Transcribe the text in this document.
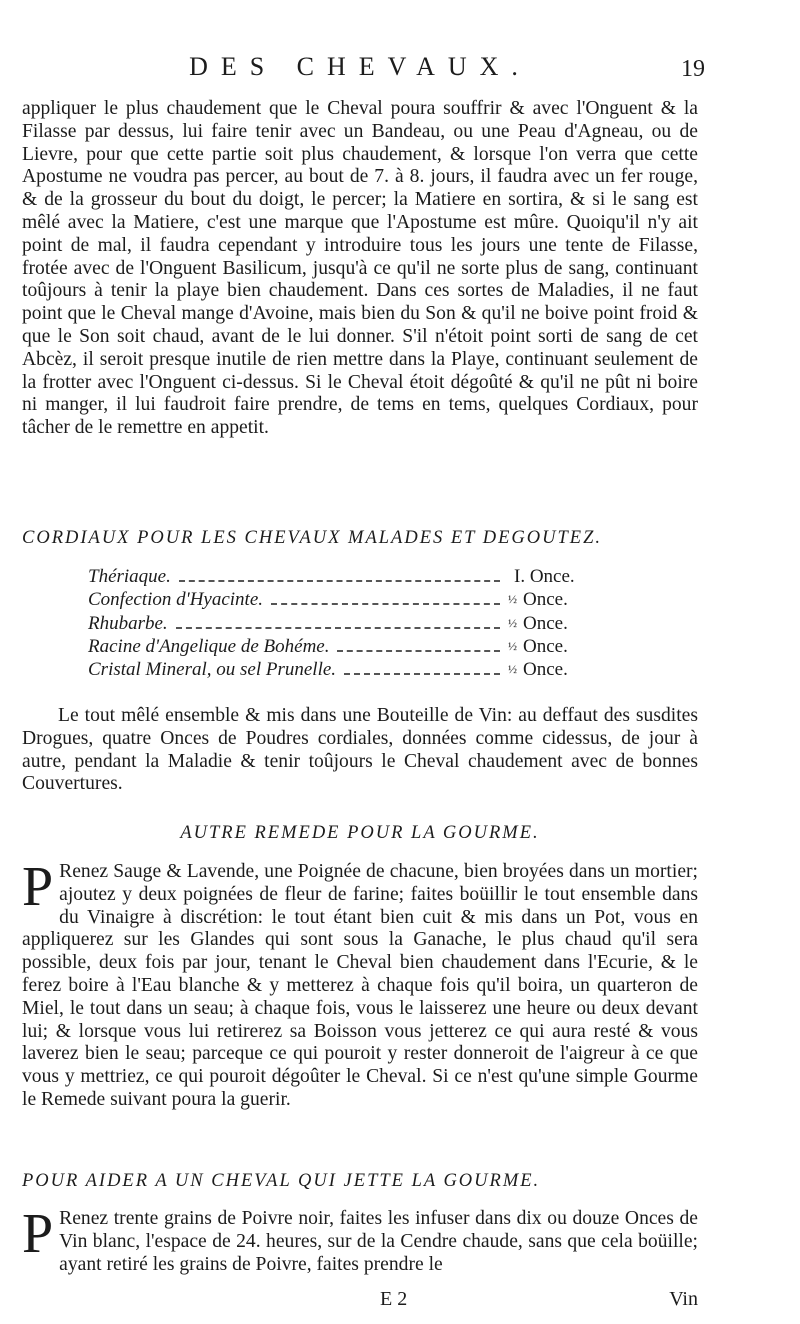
DES CHEVAUX.	19

appliquer le plus chaudement que le Cheval poura souffrir & avec l'Onguent & la Filasse par dessus, lui faire tenir avec un Bandeau, ou une Peau d'Agneau, ou de Lievre, pour que cette partie soit plus chaudement, & lorsque l'on verra que cette Apostume ne voudra pas percer, au bout de 7. à 8. jours, il faudra avec un fer rouge, & de la grosseur du bout du doigt, le percer; la Matiere en sortira, & si le sang est mêlé avec la Matiere, c'est une marque que l'Apostume est mûre. Quoiqu'il n'y ait point de mal, il faudra cependant y introduire tous les jours une tente de Filasse, frotée avec de l'Onguent Basilicum, jusqu'à ce qu'il ne sorte plus de sang, continuant toûjours à tenir la playe bien chaudement. Dans ces sortes de Maladies, il ne faut point que le Cheval mange d'Avoine, mais bien du Son & qu'il ne boive point froid & que le Son soit chaud, avant de le lui donner. S'il n'étoit point sorti de sang de cet Abcèz, il seroit presque inutile de rien mettre dans la Playe, continuant seulement de la frotter avec l'Onguent ci-dessus. Si le Cheval étoit dégoûté & qu'il ne pût ni boire ni manger, il lui faudroit faire prendre, de tems en tems, quelques Cordiaux, pour tâcher de le remettre en appetit.

CORDIAUX POUR LES CHEVAUX MALADES ET DEGOUTEZ.
Thériaque.	I. Once.
Confection d'Hyacinte.	½ Once.
Rhubarbe.	½ Once.
Racine d'Angelique de Bohéme.	½ Once.
Cristal Mineral, ou sel Prunelle.	½ Once.

Le tout mêlé ensemble & mis dans une Bouteille de Vin: au deffaut des susdites Drogues, quatre Onces de Poudres cordiales, données comme cidessus, de jour à autre, pendant la Maladie & tenir toûjours le Cheval chaudement avec de bonnes Couvertures.

AUTRE REMEDE POUR LA GOURME.
P Renez Sauge & Lavende, une Poignée de chacune, bien broyées dans un mortier; ajoutez y deux poignées de fleur de farine; faites boüillir le tout ensemble dans du Vinaigre à discrétion: le tout étant bien cuit & mis dans un Pot, vous en appliquerez sur les Glandes qui sont sous la Ganache, le plus chaud qu'il sera possible, deux fois par jour, tenant le Cheval bien chaudement dans l'Ecurie, & le ferez boire à l'Eau blanche & y metterez à chaque fois qu'il boira, un quarteron de Miel, le tout dans un seau; à chaque fois, vous le laisserez une heure ou deux devant lui; & lorsque vous lui retirerez sa Boisson vous jetterez ce qui aura resté & vous laverez bien le seau; parceque ce qui pouroit y rester donneroit de l'aigreur à ce que vous y mettriez, ce qui pouroit dégoûter le Cheval. Si ce n'est qu'une simple Gourme le Remede suivant poura la guerir.

POUR AIDER A UN CHEVAL QUI JETTE LA GOURME.
P Renez trente grains de Poivre noir, faites les infuser dans dix ou douze Onces de Vin blanc, l'espace de 24. heures, sur de la Cendre chaude, sans que cela boüille; ayant retiré les grains de Poivre, faites prendre le

E 2	Vin
